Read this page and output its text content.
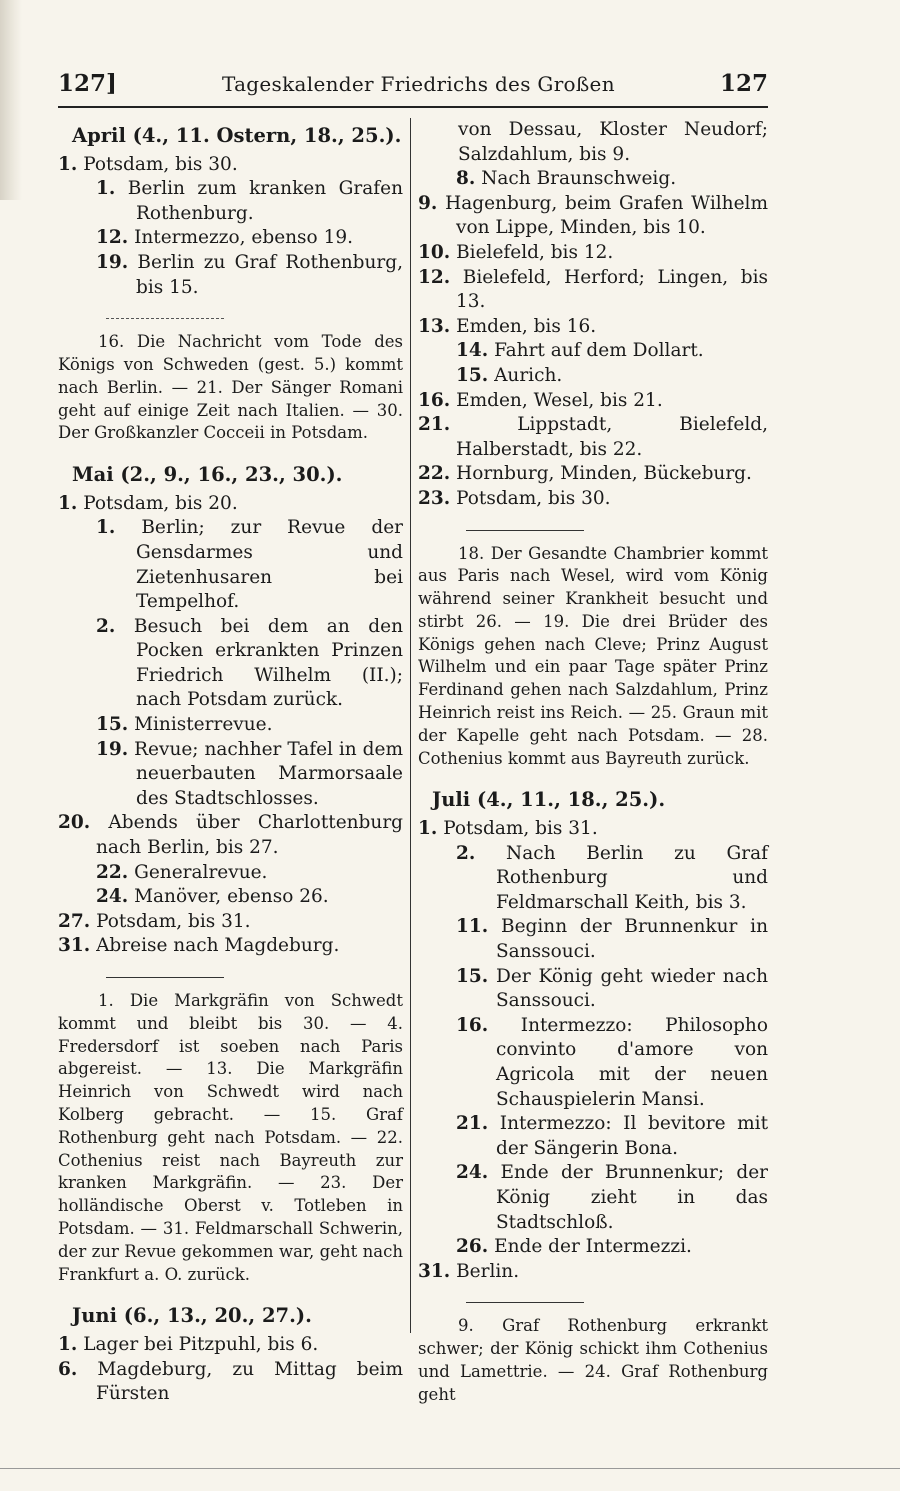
127]	Tageskalender Friedrichs des Großen	127
April (4., 11. Ostern, 18., 25.).
1. Potsdam, bis 30.
1. Berlin zum kranken Grafen Rothenburg.
12. Intermezzo, ebenso 19.
19. Berlin zu Graf Rothenburg, bis 15.
16. Die Nachricht vom Tode des Königs von Schweden (gest. 5.) kommt nach Berlin. — 21. Der Sänger Romani geht auf einige Zeit nach Italien. — 30. Der Großkanzler Cocceii in Potsdam.
Mai (2., 9., 16., 23., 30.).
1. Potsdam, bis 20.
1. Berlin; zur Revue der Gensdarmes und Zietenhusaren bei Tempelhof.
2. Besuch bei dem an den Pocken erkrankten Prinzen Friedrich Wilhelm (II.); nach Potsdam zurück.
15. Ministerrevue.
19. Revue; nachher Tafel in dem neuerbauten Marmorsaale des Stadtschlosses.
20. Abends über Charlottenburg nach Berlin, bis 27.
22. Generalrevue.
24. Manöver, ebenso 26.
27. Potsdam, bis 31.
31. Abreise nach Magdeburg.
1. Die Markgräfin von Schwedt kommt und bleibt bis 30. — 4. Fredersdorf ist soeben nach Paris abgereist. — 13. Die Markgräfin Heinrich von Schwedt wird nach Kolberg gebracht. — 15. Graf Rothenburg geht nach Potsdam. — 22. Cothenius reist nach Bayreuth zur kranken Markgräfin. — 23. Der holländische Oberst v. Totleben in Potsdam. — 31. Feldmarschall Schwerin, der zur Revue gekommen war, geht nach Frankfurt a. O. zurück.
Juni (6., 13., 20., 27.).
1. Lager bei Pitzpuhl, bis 6.
6. Magdeburg, zu Mittag beim Fürsten
von Dessau, Kloster Neudorf; Salzdahlum, bis 9.
8. Nach Braunschweig.
9. Hagenburg, beim Grafen Wilhelm von Lippe, Minden, bis 10.
10. Bielefeld, bis 12.
12. Bielefeld, Herford; Lingen, bis 13.
13. Emden, bis 16.
14. Fahrt auf dem Dollart.
15. Aurich.
16. Emden, Wesel, bis 21.
21. Lippstadt, Bielefeld, Halberstadt, bis 22.
22. Hornburg, Minden, Bückeburg.
23. Potsdam, bis 30.
18. Der Gesandte Chambrier kommt aus Paris nach Wesel, wird vom König während seiner Krankheit besucht und stirbt 26. — 19. Die drei Brüder des Königs gehen nach Cleve; Prinz August Wilhelm und ein paar Tage später Prinz Ferdinand gehen nach Salzdahlum, Prinz Heinrich reist ins Reich. — 25. Graun mit der Kapelle geht nach Potsdam. — 28. Cothenius kommt aus Bayreuth zurück.
Juli (4., 11., 18., 25.).
1. Potsdam, bis 31.
2. Nach Berlin zu Graf Rothenburg und Feldmarschall Keith, bis 3.
11. Beginn der Brunnenkur in Sanssouci.
15. Der König geht wieder nach Sanssouci.
16. Intermezzo: Philosopho convinto d'amore von Agricola mit der neuen Schauspielerin Mansi.
21. Intermezzo: Il bevitore mit der Sängerin Bona.
24. Ende der Brunnenkur; der König zieht in das Stadtschloß.
26. Ende der Intermezzi.
31. Berlin.
9. Graf Rothenburg erkrankt schwer; der König schickt ihm Cothenius und Lamettrie. — 24. Graf Rothenburg geht
